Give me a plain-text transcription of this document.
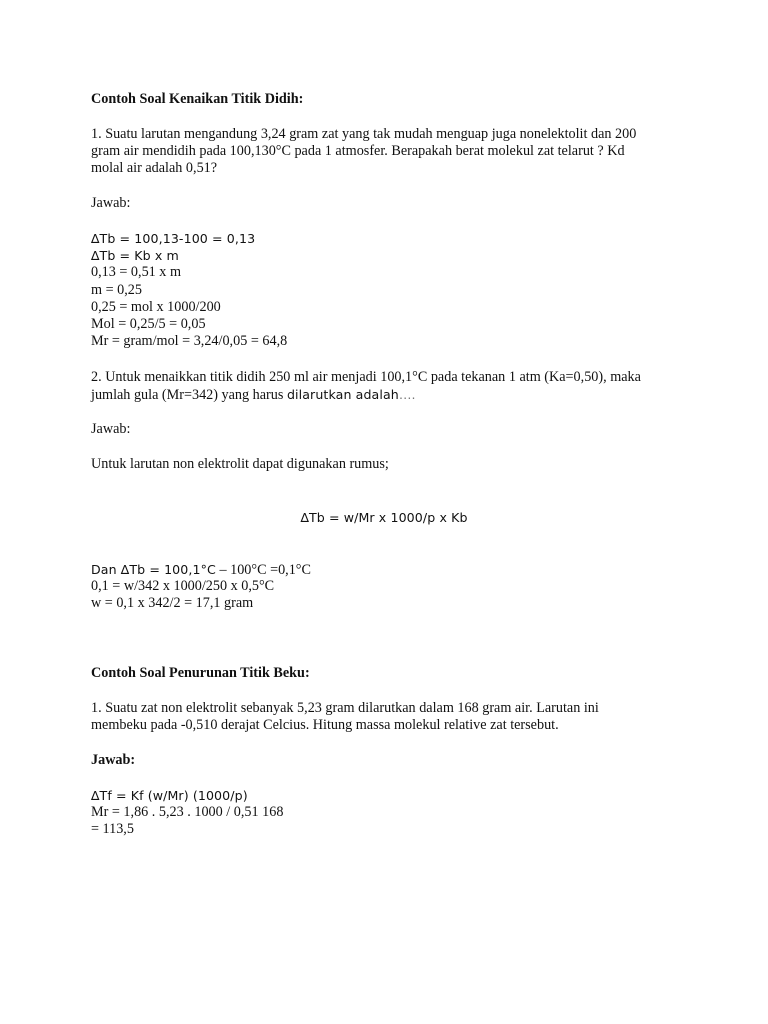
Contoh Soal Kenaikan Titik Didih:
1. Suatu larutan mengandung 3,24 gram zat yang tak mudah menguap juga nonelektolit dan 200
gram air mendidih pada 100,130°C pada 1 atmosfer. Berapakah berat molekul zat telarut ? Kd
molal air adalah 0,51?
Jawab:
∆Tb = 100,13-100 = 0,13
∆Tb = Kb x m
0,13 = 0,51 x m
m = 0,25
0,25 = mol x 1000/200
Mol = 0,25/5 = 0,05
Mr = gram/mol = 3,24/0,05 = 64,8
2. Untuk menaikkan titik didih 250 ml air menjadi 100,1°C pada tekanan 1 atm (Ka=0,50), maka
jumlah gula (Mr=342) yang harus dilarutkan adalah….
Jawab:
Untuk larutan non elektrolit dapat digunakan rumus;
∆Tb = w/Mr x 1000/p x Kb
Dan ∆Tb = 100,1°C – 100°C =0,1°C
0,1 = w/342 x 1000/250 x 0,5°C
w = 0,1 x 342/2 = 17,1 gram
Contoh Soal Penurunan Titik Beku:
1. Suatu zat non elektrolit sebanyak 5,23 gram dilarutkan dalam 168 gram air. Larutan ini
membeku pada -0,510 derajat Celcius. Hitung massa molekul relative zat tersebut.
Jawab:
∆Tf = Kf (w/Mr) (1000/p)
Mr = 1,86 . 5,23 . 1000 / 0,51 168
= 113,5
